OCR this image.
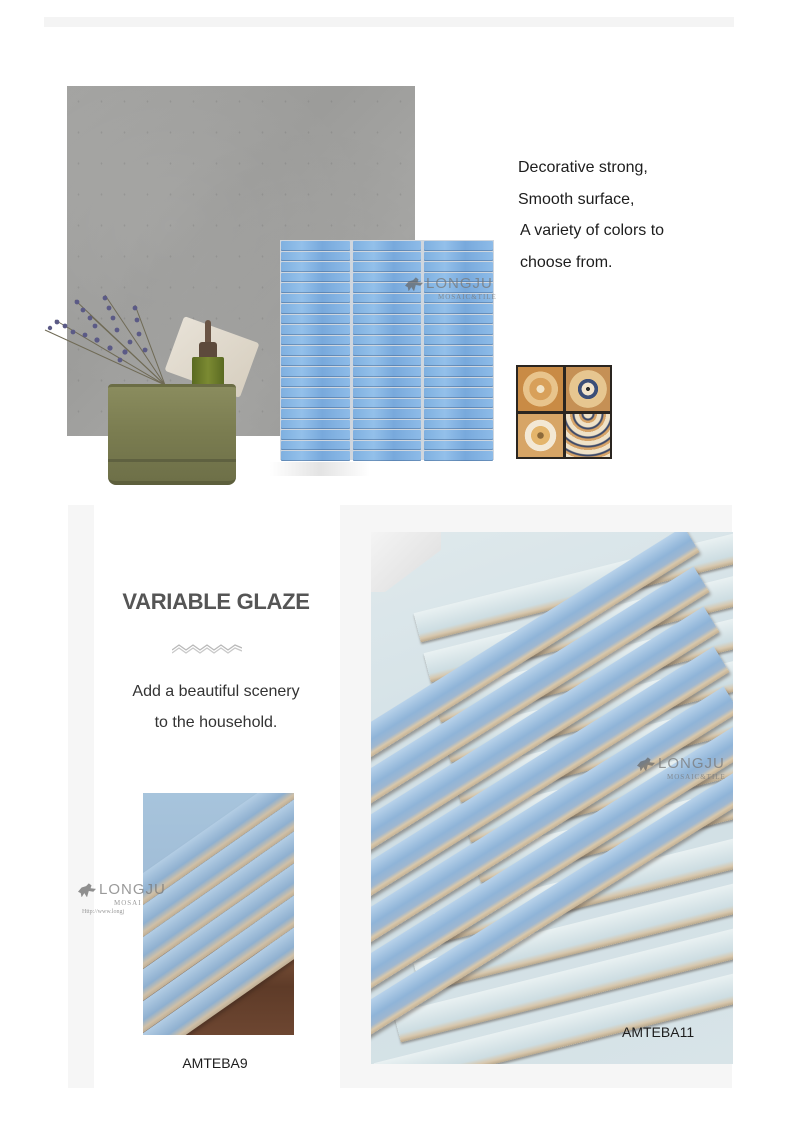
LONGJU
MOSAIC&TILE
Decorative strong,
Smooth surface,
A variety of colors to
choose from.
VARIABLE GLAZE
Add a beautiful scenery
to the household.
LONGJU
MOSAI
Http://www.longj
AMTEBA9
LONGJU
MOSAIC&TILE
AMTEBA11
